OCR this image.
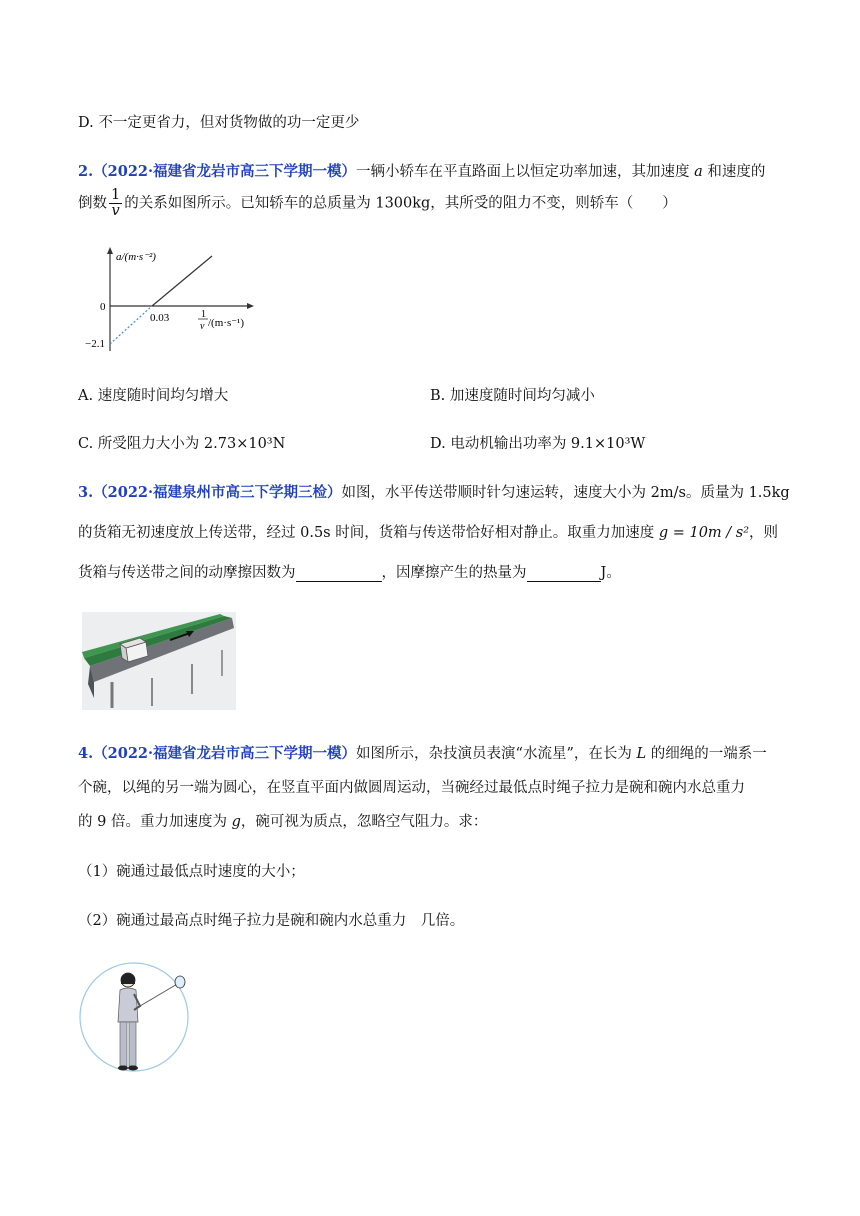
D. 不一定更省力，但对货物做的功一定更少
2.（2022·福建省龙岩市高三下学期一模）一辆小轿车在平直路面上以恒定功率加速，其加速度 a 和速度的
倒数 $\frac{1}{v}$ 的关系如图所示。已知轿车的总质量为 1300kg，其所受的阻力不变，则轿车（　　）
a/(m·s⁻²)
0
0.03
−2.1
1
v /(m·s⁻¹)
A. 速度随时间均匀增大	B. 加速度随时间均匀减小
C. 所受阻力大小为 2.73×10³N	D. 电动机输出功率为 9.1×10³W
3.（2022·福建泉州市高三下学期三检）如图，水平传送带顺时针匀速运转，速度大小为 2m/s。质量为 1.5kg
的货箱无初速度放上传送带，经过 0.5s 时间，货箱与传送带恰好相对静止。取重力加速度 g = 10m / s²，则
货箱与传送带之间的动摩擦因数为	，因摩擦产生的热量为	J。
4.（2022·福建省龙岩市高三下学期一模）如图所示，杂技演员表演“水流星”，在长为 L 的细绳的一端系一
个碗，以绳的另一端为圆心，在竖直平面内做圆周运动，当碗经过最低点时绳子拉力是碗和碗内水总重力
的 9 倍。重力加速度为 g，碗可视为质点，忽略空气阻力。求：
（1）碗通过最低点时速度的大小；
（2）碗通过最高点时绳子拉力是碗和碗内水总重力　几倍。
